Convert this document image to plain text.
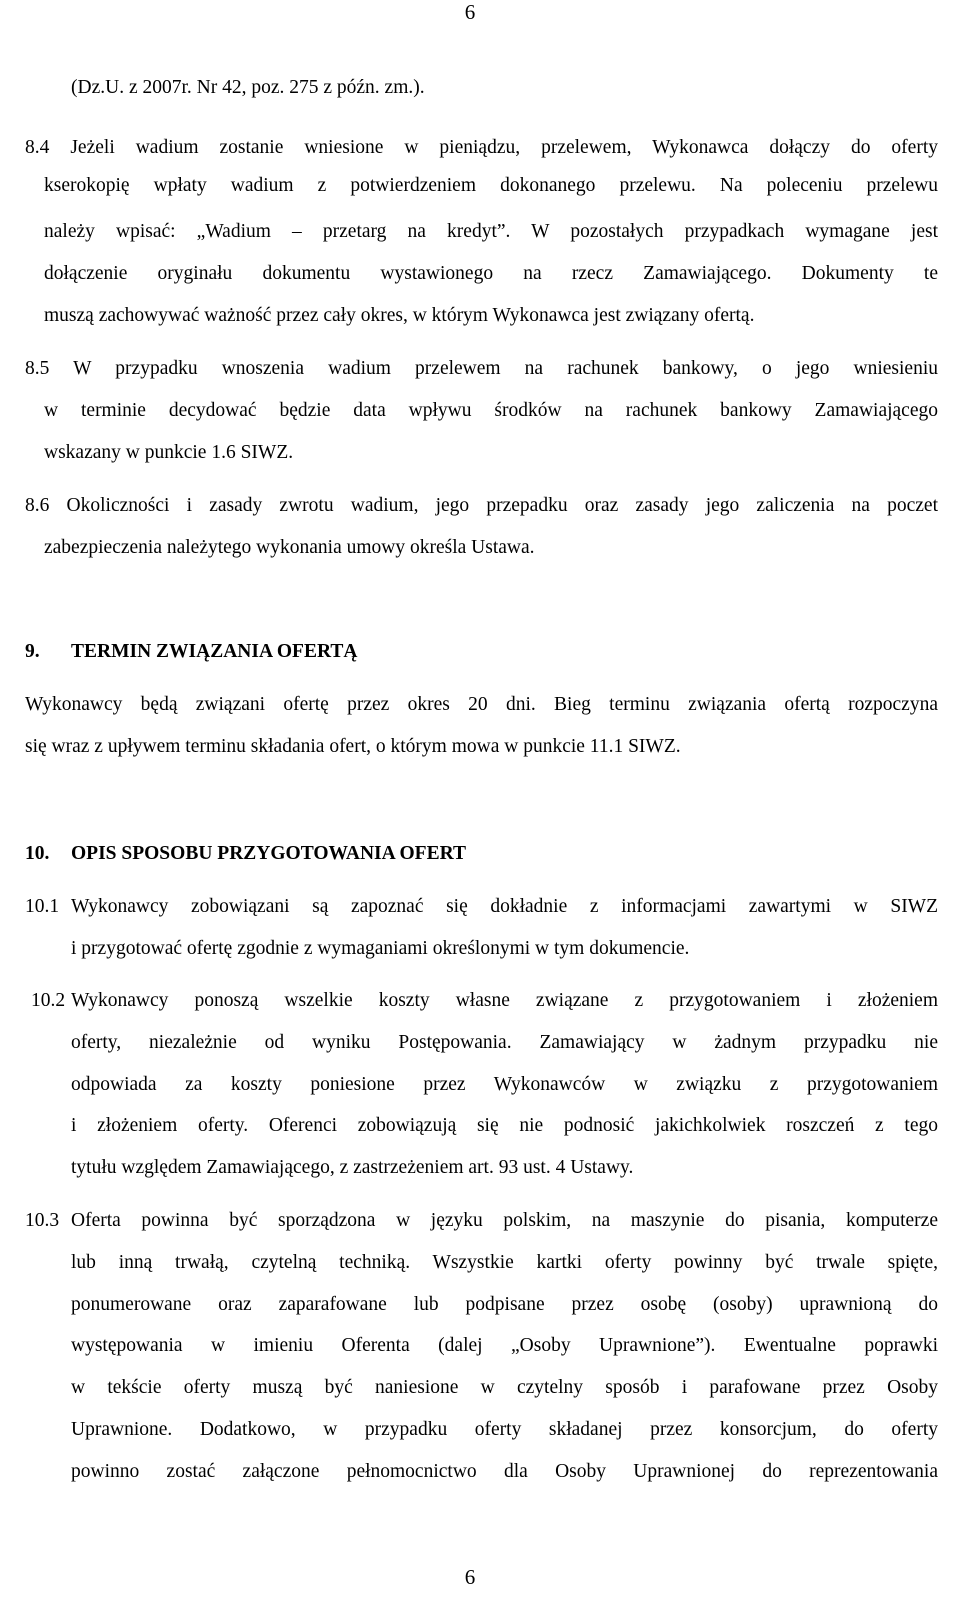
6
(Dz.U. z 2007r. Nr 42, poz. 275 z późn. zm.).
8.4 Jeżeli wadium zostanie wniesione w pieniądzu, przelewem, Wykonawca dołączy do oferty
kserokopię wpłaty wadium z potwierdzeniem dokonanego przelewu. Na poleceniu przelewu
należy wpisać: „Wadium – przetarg na kredyt”. W pozostałych przypadkach wymagane jest
dołączenie oryginału dokumentu wystawionego na rzecz Zamawiającego. Dokumenty te
muszą zachowywać ważność przez cały okres, w którym Wykonawca jest związany ofertą.
8.5 W przypadku wnoszenia wadium przelewem na rachunek bankowy, o jego wniesieniu
w terminie decydować będzie data wpływu środków na rachunek bankowy Zamawiającego
wskazany w punkcie 1.6 SIWZ.
8.6 Okoliczności i zasady zwrotu wadium, jego przepadku oraz zasady jego zaliczenia na poczet
zabezpieczenia należytego wykonania umowy określa Ustawa.
9. TERMIN ZWIĄZANIA OFERTĄ
Wykonawcy będą związani ofertę przez okres 20 dni. Bieg terminu związania ofertą rozpoczyna
się wraz z upływem terminu składania ofert, o którym mowa w punkcie 11.1 SIWZ.
10. OPIS SPOSOBU PRZYGOTOWANIA OFERT
10.1 Wykonawcy zobowiązani są zapoznać się dokładnie z informacjami zawartymi w SIWZ
i przygotować ofertę zgodnie z wymaganiami określonymi w tym dokumencie.
10.2 Wykonawcy ponoszą wszelkie koszty własne związane z przygotowaniem i złożeniem
oferty, niezależnie od wyniku Postępowania. Zamawiający w żadnym przypadku nie
odpowiada za koszty poniesione przez Wykonawców w związku z przygotowaniem
i złożeniem oferty. Oferenci zobowiązują się nie podnosić jakichkolwiek roszczeń z tego
tytułu względem Zamawiającego, z zastrzeżeniem art. 93 ust. 4 Ustawy.
10.3 Oferta powinna być sporządzona w języku polskim, na maszynie do pisania, komputerze
lub inną trwałą, czytelną techniką. Wszystkie kartki oferty powinny być trwale spięte,
ponumerowane oraz zaparafowane lub podpisane przez osobę (osoby) uprawnioną do
występowania w imieniu Oferenta (dalej „Osoby Uprawnione”). Ewentualne poprawki
w tekście oferty muszą być naniesione w czytelny sposób i parafowane przez Osoby
Uprawnione. Dodatkowo, w przypadku oferty składanej przez konsorcjum, do oferty
powinno zostać załączone pełnomocnictwo dla Osoby Uprawnionej do reprezentowania
6
